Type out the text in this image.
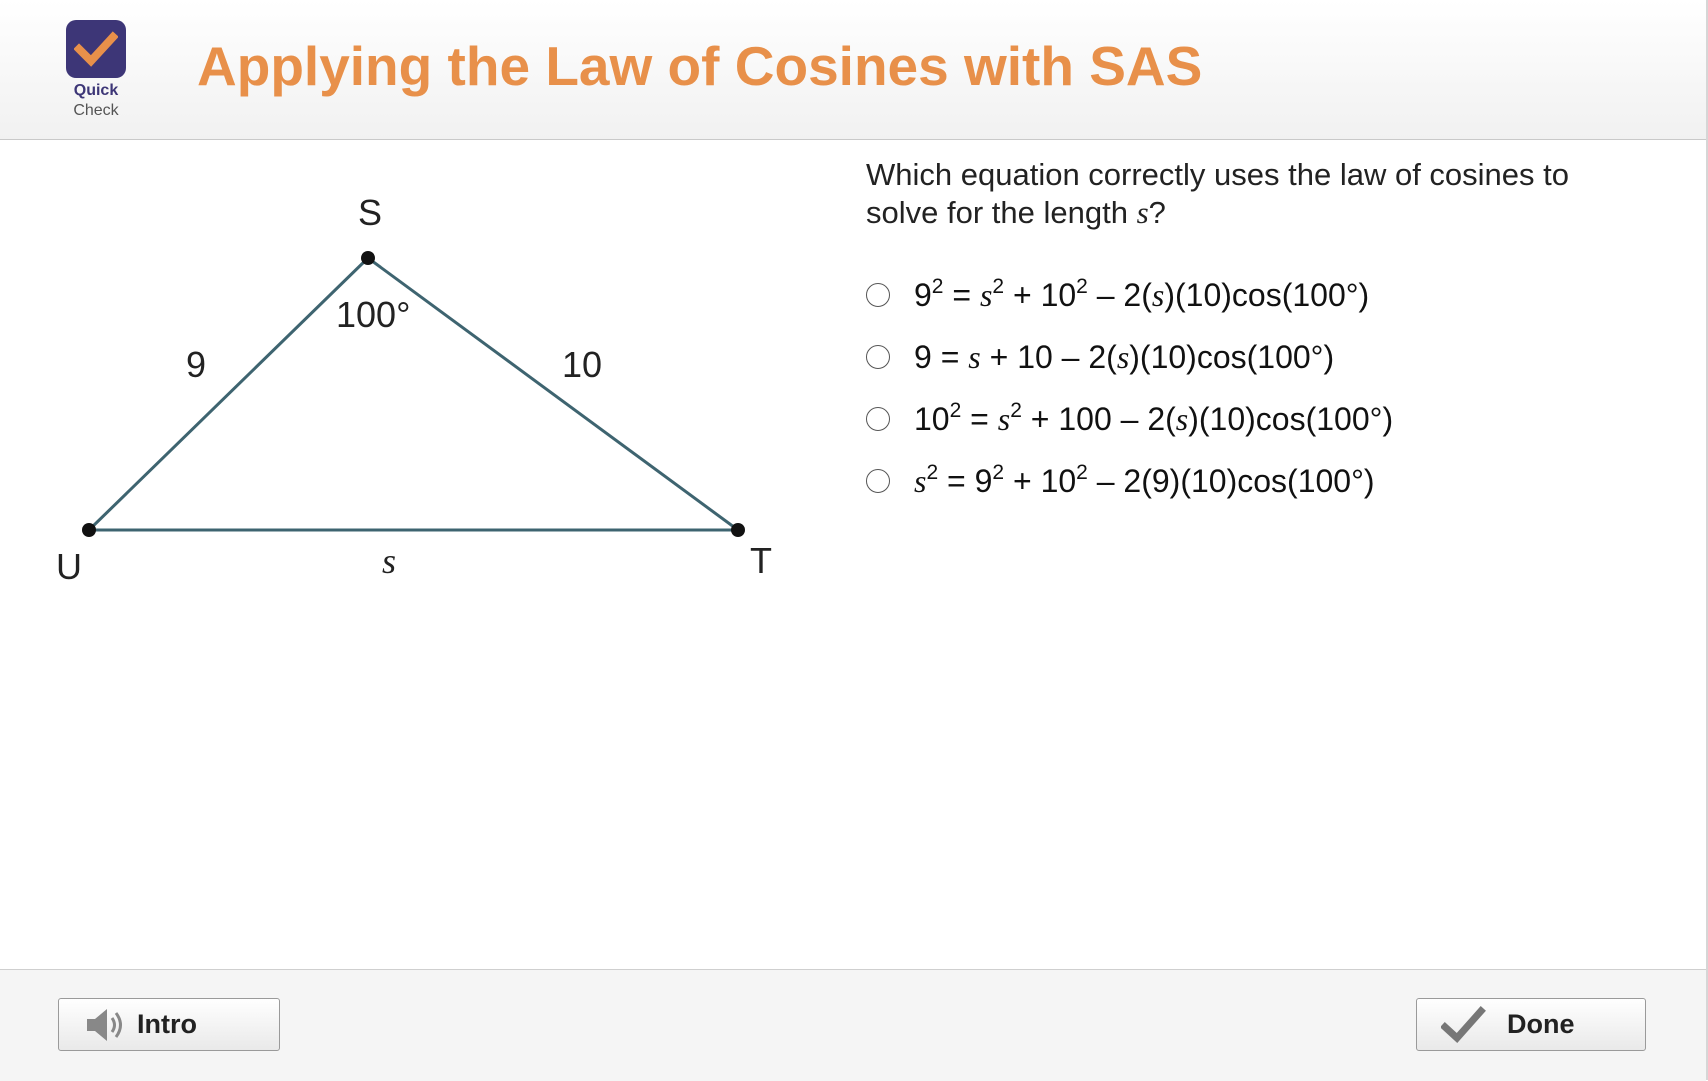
Quick
Check
Applying the Law of Cosines with SAS
S
U	T
100°
9	10
s
Which equation correctly uses the law of cosines to solve for the length s?
$9^2 = s^2 + 10^2 - 2(s)(10)\cos(100^\circ)$
9 = s + 10 – 2(s)(10)cos(100°)
$10^2 = s^2 + 100 - 2(s)(10)\cos(100^\circ)$
$s^2 = 9^2 + 10^2 - 2(9)(10)\cos(100^\circ)$
Intro	Done
